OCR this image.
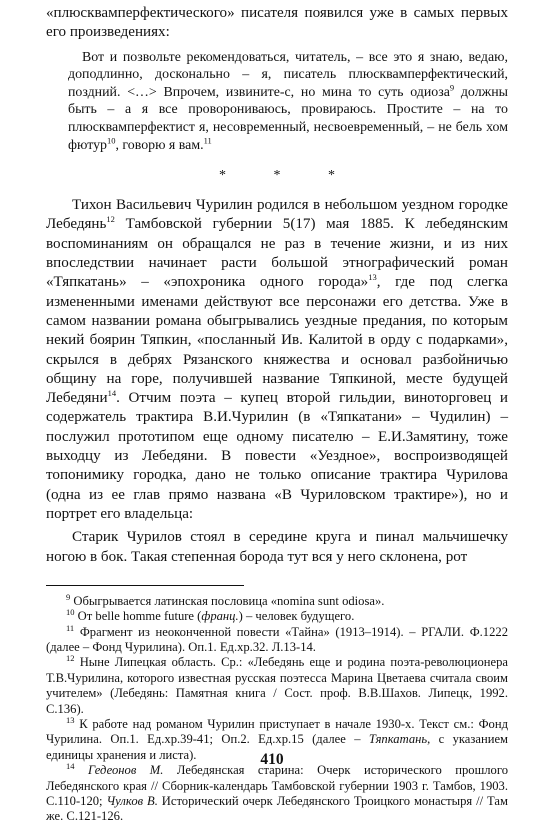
«плюсквамперфектического» писателя появился уже в самых первых его произведениях:

Вот и позвольте рекомендоваться, читатель, – все это я знаю, ведаю, доподлинно, досконально – я, писатель плюсквамперфектический, поздний. <…> Впрочем, извините-с, но мина то суть одиоза$^9$ должны быть – а я все проворониваюсь, провираюсь. Простите – на то плюсквамперфектист я, несовременный, несвоевременный, – не бель хом фютур$^{10}$, говорю я вам.$^{11}$

* * *

Тихон Васильевич Чурилин родился в небольшом уездном городке Лебедянь$^{12}$ Тамбовской губернии 5(17) мая 1885. К лебедянским воспоминаниям он обращался не раз в течение жизни, и из них впоследствии начинает расти большой этнографический роман «Тяпкатань» – «эпохроника одного города»$^{13}$, где под слегка измененными именами действуют все персонажи его детства. Уже в самом названии романа обыгрывались уездные предания, по которым некий боярин Тяпкин, «посланный Ив. Калитой в орду с подарками», скрылся в дебрях Рязанского княжества и основал разбойничью общину на горе, получившей название Тяпкиной, месте будущей Лебедяни$^{14}$. Отчим поэта – купец второй гильдии, виноторговец и содержатель трактира В.И.Чурилин (в «Тяпкатани» – Чудилин) – послужил прототипом еще одному писателю – Е.И.Замятину, тоже выходцу из Лебедяни. В повести «Уездное», воспроизводящей топонимику городка, дано не только описание трактира Чурилова (одна из ее глав прямо названа «В Чуриловском трактире»), но и портрет его владельца:

Старик Чурилов стоял в середине круга и пинал мальчишечку ногою в бок. Такая степенная борода тут вся у него склонена, рот

$^9$ Обыгрывается латинская пословица «nomina sunt odiosa».

$^{10}$ От belle homme future (франц.) – человек будущего.

$^{11}$ Фрагмент из неоконченной повести «Тайна» (1913–1914). – РГАЛИ. Ф.1222 (далее – Фонд Чурилина). Оп.1. Ед.хр.32. Л.13-14.

$^{12}$ Ныне Липецкая область. Ср.: «Лебедянь еще и родина поэта-революционера Т.В.Чурилина, которого известная русская поэтесса Марина Цветаева считала своим учителем» (Лебедянь: Памятная книга / Сост. проф. В.В.Шахов. Липецк, 1992. С.136).

$^{13}$ К работе над романом Чурилин приступает в начале 1930-х. Текст см.: Фонд Чурилина. Оп.1. Ед.хр.39-41; Оп.2. Ед.хр.15 (далее – Тяпкатань, с указанием единицы хранения и листа).

$^{14}$ Гедеонов М. Лебедянская старина: Очерк исторического прошлого Лебедянского края // Сборник-календарь Тамбовской губернии 1903 г. Тамбов, 1903. С.110-120; Чулков В. Исторический очерк Лебедянского Троицкого монастыря // Там же. С.121-126.

410
